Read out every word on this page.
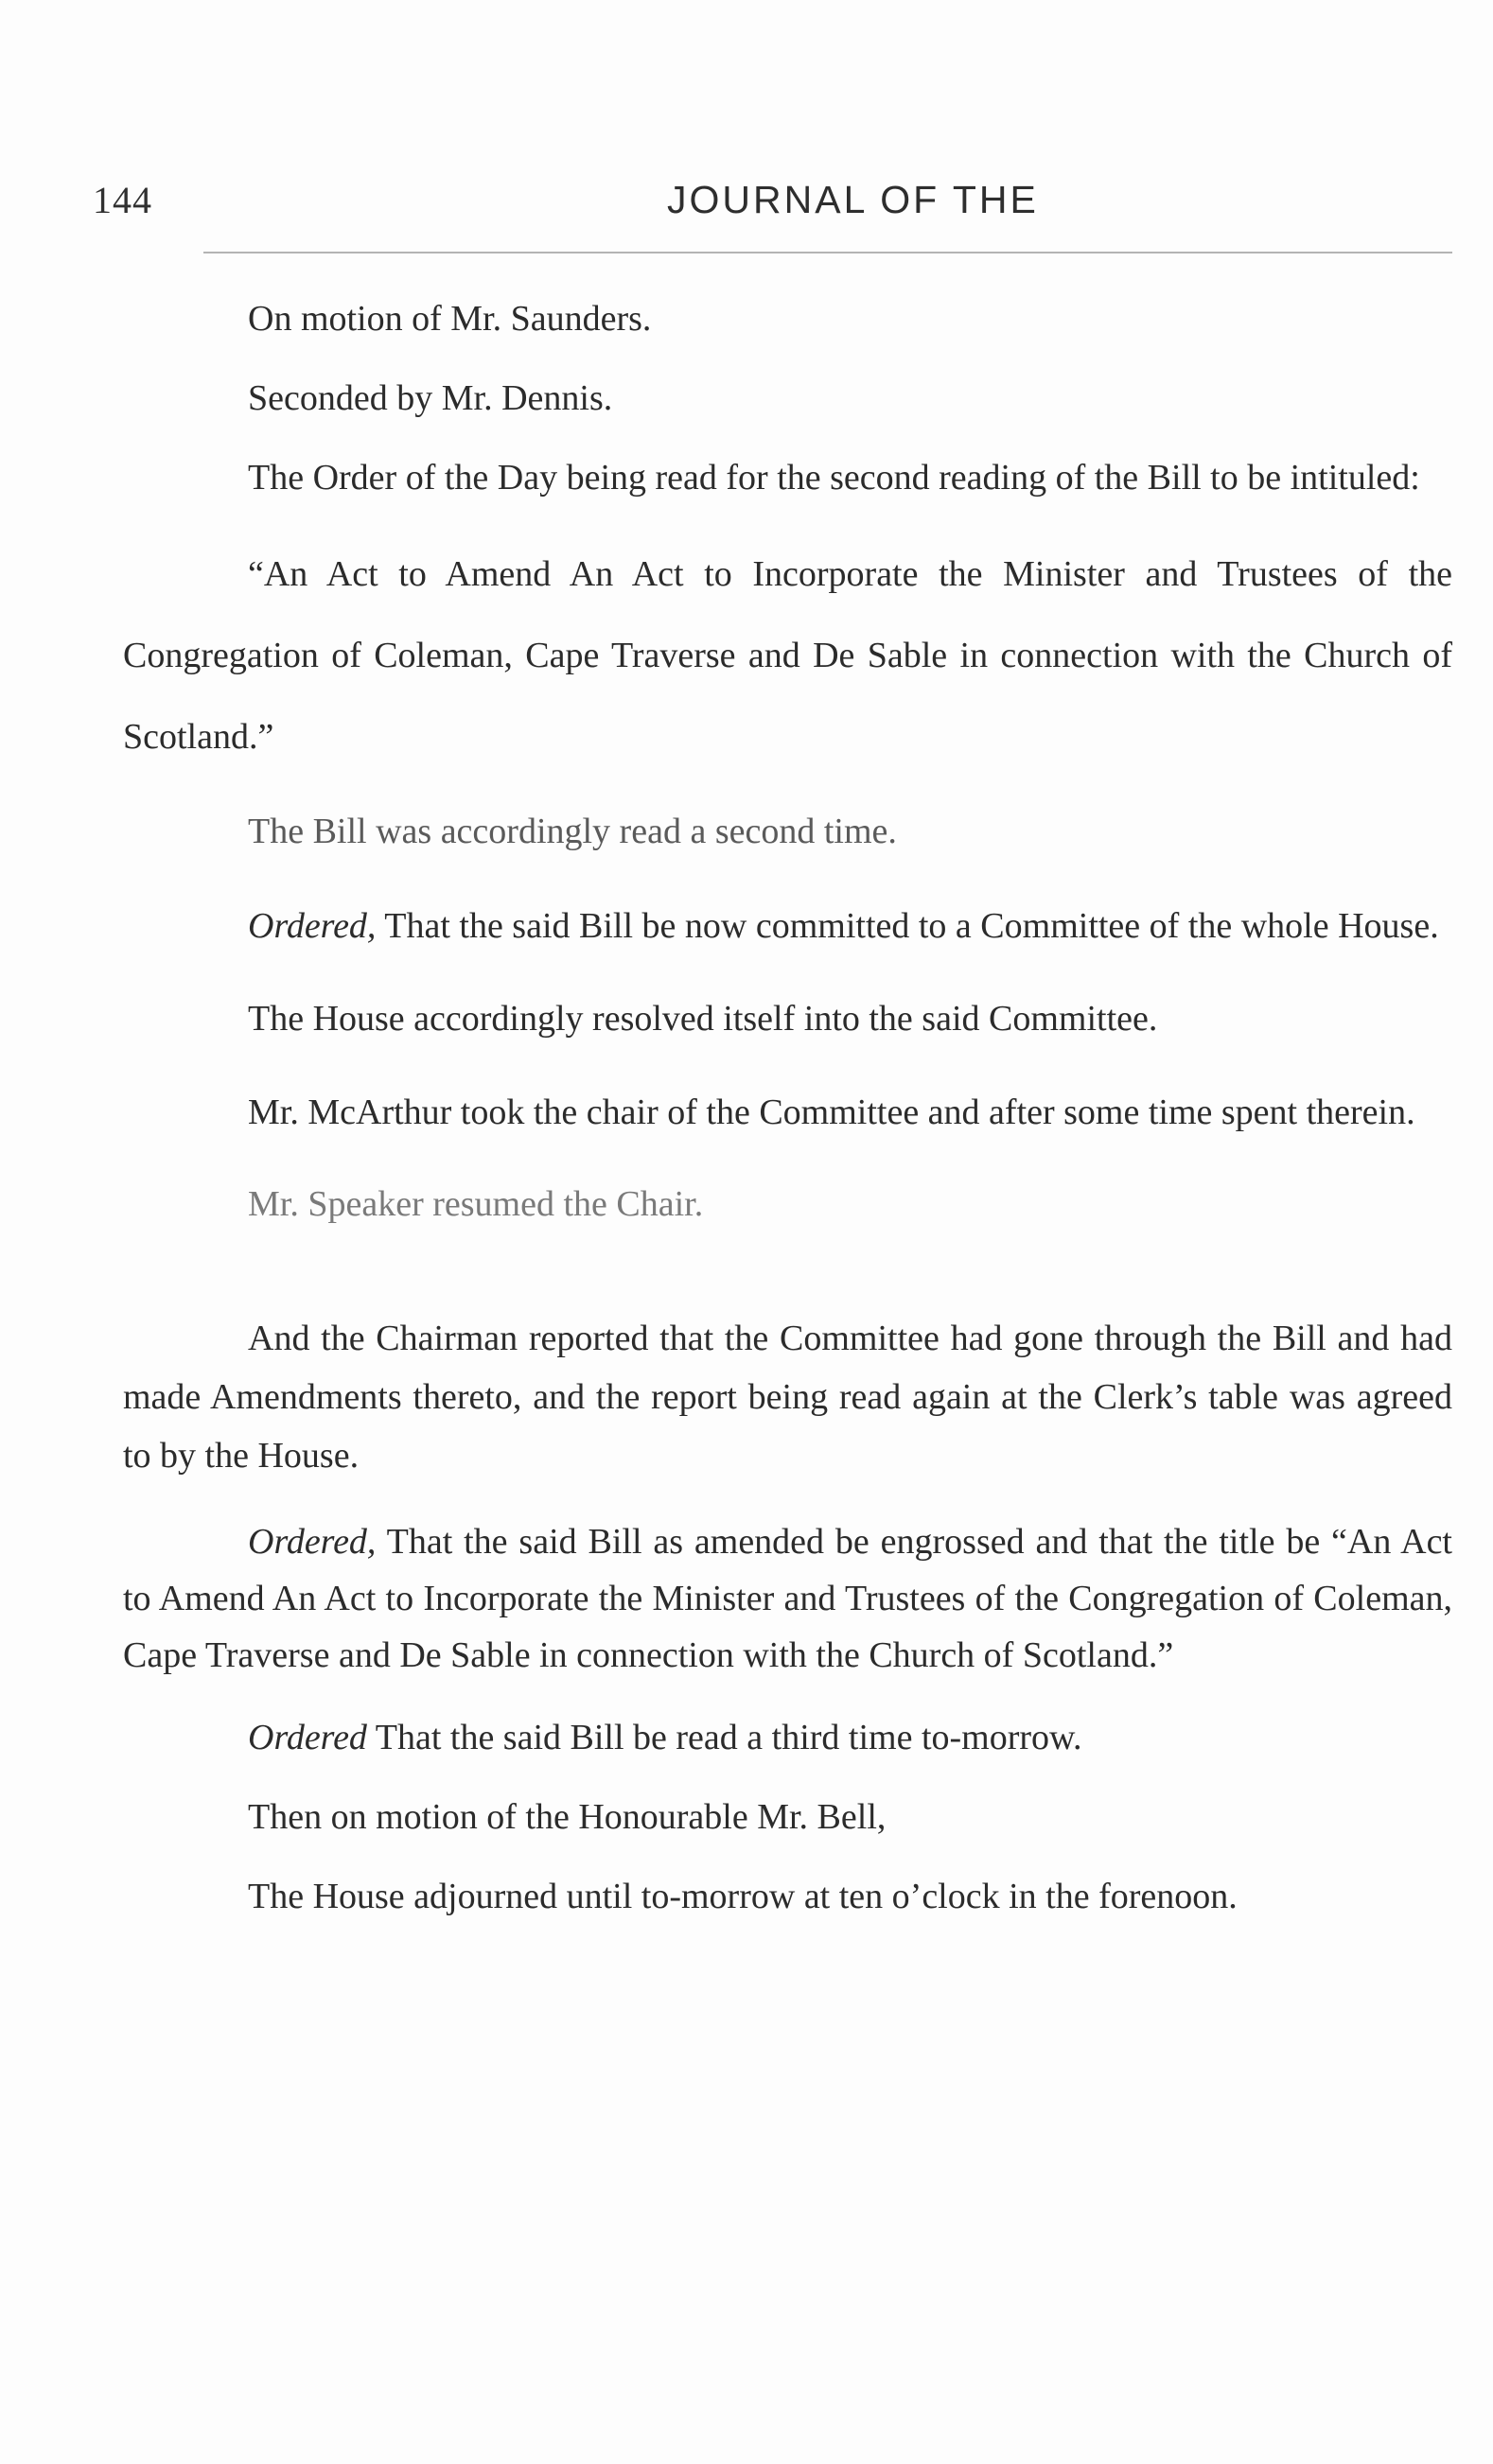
144	JOURNAL OF THE

On motion of Mr. Saunders.

Seconded by Mr. Dennis.

The Order of the Day being read for the second reading of the Bill to be intituled:

“An Act to Amend An Act to Incorporate the Minister and Trustees of the Congregation of Coleman, Cape Traverse and De Sable in connection with the Church of Scotland.”

The Bill was accordingly read a second time.

Ordered, That the said Bill be now committed to a Committee of the whole House.

The House accordingly resolved itself into the said Committee.

Mr. McArthur took the chair of the Committee and after some time spent therein.

Mr. Speaker resumed the Chair.

And the Chairman reported that the Committee had gone through the Bill and had made Amendments thereto, and the report being read again at the Clerk’s table was agreed to by the House.

Ordered, That the said Bill as amended be engrossed and that the title be “An Act to Amend An Act to Incorporate the Minister and Trustees of the Congregation of Coleman, Cape Traverse and De Sable in connection with the Church of Scotland.”

Ordered That the said Bill be read a third time to-morrow.

Then on motion of the Honourable Mr. Bell,

The House adjourned until to-morrow at ten o’clock in the forenoon.
